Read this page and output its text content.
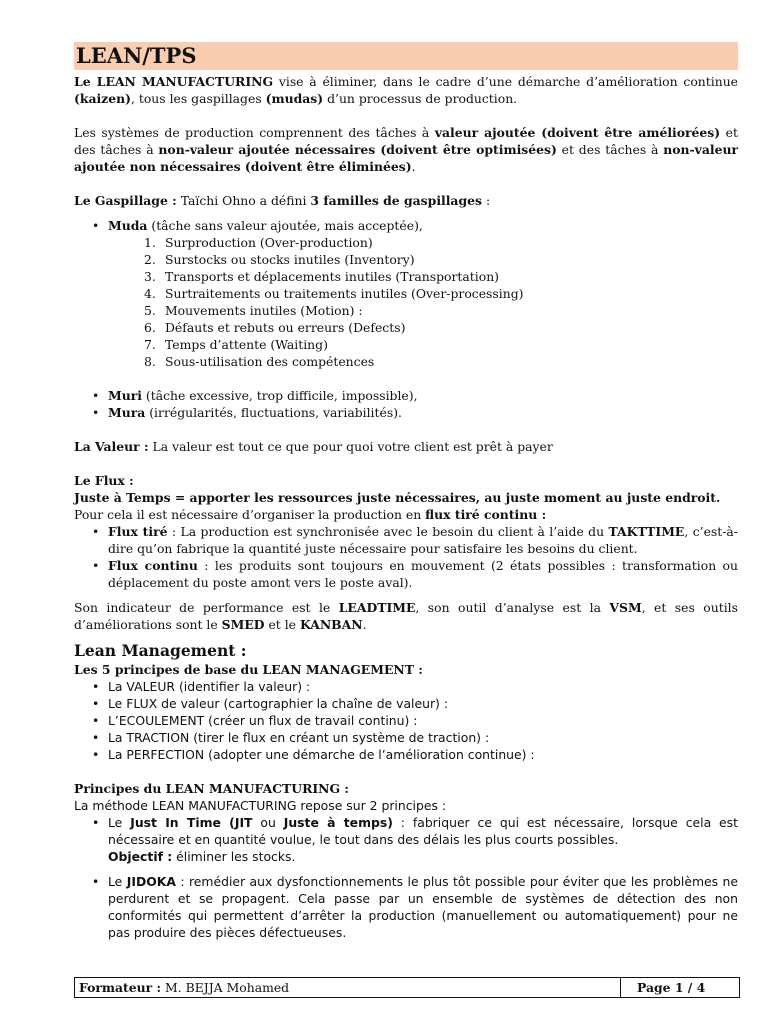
LEAN/TPS

Le LEAN MANUFACTURING vise à éliminer, dans le cadre d’une démarche d’amélioration continue (kaizen), tous les gaspillages (mudas) d’un processus de production.

Les systèmes de production comprennent des tâches à valeur ajoutée (doivent être améliorées) et des tâches à non-valeur ajoutée nécessaires (doivent être optimisées) et des tâches à non-valeur ajoutée non nécessaires (doivent être éliminées).

Le Gaspillage : Taïchi Ohno a défini 3 familles de gaspillages :

• Muda (tâche sans valeur ajoutée, mais acceptée),
1. Surproduction (Over-production)
2. Surstocks ou stocks inutiles (Inventory)
3. Transports et déplacements inutiles (Transportation)
4. Surtraitements ou traitements inutiles (Over-processing)
5. Mouvements inutiles (Motion) :
6. Défauts et rebuts ou erreurs (Defects)
7. Temps d’attente (Waiting)
8. Sous-utilisation des compétences
• Muri (tâche excessive, trop difficile, impossible),
• Mura (irrégularités, fluctuations, variabilités).

La Valeur : La valeur est tout ce que pour quoi votre client est prêt à payer

Le Flux :

Juste à Temps = apporter les ressources juste nécessaires, au juste moment au juste endroit.

Pour cela il est nécessaire d’organiser la production en flux tiré continu :

• Flux tiré : La production est synchronisée avec le besoin du client à l’aide du TAKTTIME, c’est-à-dire qu’on fabrique la quantité juste nécessaire pour satisfaire les besoins du client.
• Flux continu : les produits sont toujours en mouvement (2 états possibles : transformation ou déplacement du poste amont vers le poste aval).

Son indicateur de performance est le LEADTIME, son outil d’analyse est la VSM, et ses outils d’améliorations sont le SMED et le KANBAN.

Lean Management :

Les 5 principes de base du LEAN MANAGEMENT :

• La VALEUR (identifier la valeur) :
• Le FLUX de valeur (cartographier la chaîne de valeur) :
• L’ECOULEMENT (créer un flux de travail continu) :
• La TRACTION (tirer le flux en créant un système de traction) :
• La PERFECTION (adopter une démarche de l’amélioration continue) :

Principes du LEAN MANUFACTURING :

La méthode LEAN MANUFACTURING repose sur 2 principes :

• Le Just In Time (JIT ou Juste à temps) : fabriquer ce qui est nécessaire, lorsque cela est nécessaire et en quantité voulue, le tout dans des délais les plus courts possibles.
Objectif : éliminer les stocks.
• Le JIDOKA : remédier aux dysfonctionnements le plus tôt possible pour éviter que les problèmes ne perdurent et se propagent. Cela passe par un ensemble de systèmes de détection des non conformités qui permettent d’arrêter la production (manuellement ou automatiquement) pour ne pas produire des pièces défectueuses.
Formateur : M. BEJJA Mohamed	Page 1 / 4
